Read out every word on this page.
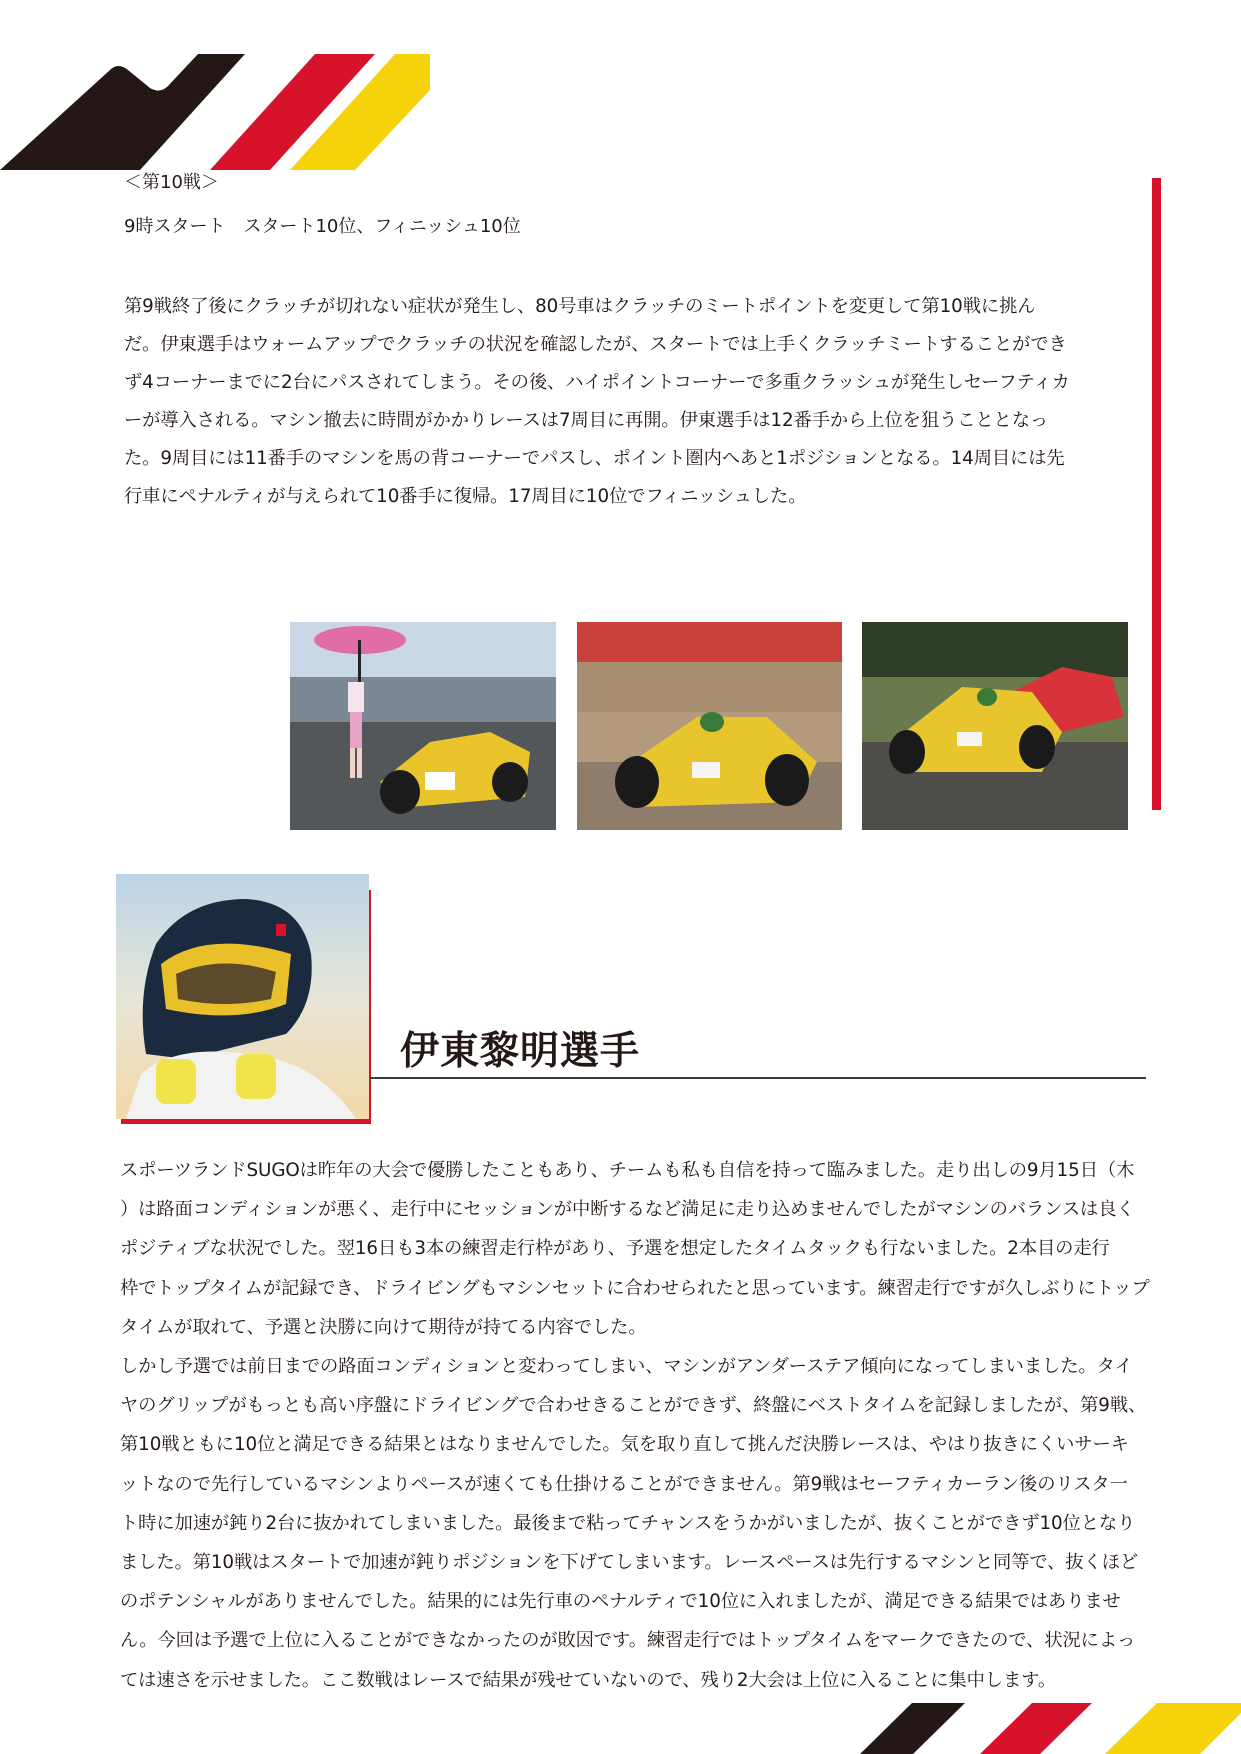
＜第10戦＞
9時スタート　スタート10位、フィニッシュ10位

第9戦終了後にクラッチが切れない症状が発生し、80号車はクラッチのミートポイントを変更して第10戦に挑ん

だ。伊東選手はウォームアップでクラッチの状況を確認したが、スタートでは上手くクラッチミートすることができ

ず4コーナーまでに2台にパスされてしまう。その後、ハイポイントコーナーで多重クラッシュが発生しセーフティカ

ーが導入される。マシン撤去に時間がかかりレースは7周目に再開。伊東選手は12番手から上位を狙うこととなっ

た。9周目には11番手のマシンを馬の背コーナーでパスし、ポイント圏内へあと1ポジションとなる。14周目には先

行車にペナルティが与えられて10番手に復帰。17周目に10位でフィニッシュした。

伊東黎明選手

スポーツランドSUGOは昨年の大会で優勝したこともあり、チームも私も自信を持って臨みました。走り出しの9月15日（木

）は路面コンディションが悪く、走行中にセッションが中断するなど満足に走り込めませんでしたがマシンのバランスは良く

ポジティブな状況でした。翌16日も3本の練習走行枠があり、予選を想定したタイムタックも行ないました。2本目の走行

枠でトップタイムが記録でき、ドライビングもマシンセットに合わせられたと思っています。練習走行ですが久しぶりにトップ

タイムが取れて、予選と決勝に向けて期待が持てる内容でした。

しかし予選では前日までの路面コンディションと変わってしまい、マシンがアンダーステア傾向になってしまいました。タイ

ヤのグリップがもっとも高い序盤にドライビングで合わせきることができず、終盤にベストタイムを記録しましたが、第9戦、

第10戦ともに10位と満足できる結果とはなりませんでした。気を取り直して挑んだ決勝レースは、やはり抜きにくいサーキ

ットなので先行しているマシンよりペースが速くても仕掛けることができません。第9戦はセーフティカーラン後のリスタ一

ト時に加速が鈍り2台に抜かれてしまいました。最後まで粘ってチャンスをうかがいましたが、抜くことができず10位となり

ました。第10戦はスタートで加速が鈍りポジションを下げてしまいます。レースペースは先行するマシンと同等で、抜くほど

のポテンシャルがありませんでした。結果的には先行車のペナルティで10位に入れましたが、満足できる結果ではありませ

ん。今回は予選で上位に入ることができなかったのが敗因です。練習走行ではトップタイムをマークできたので、状況によっ

ては速さを示せました。ここ数戦はレースで結果が残せていないので、残り2大会は上位に入ることに集中します。
